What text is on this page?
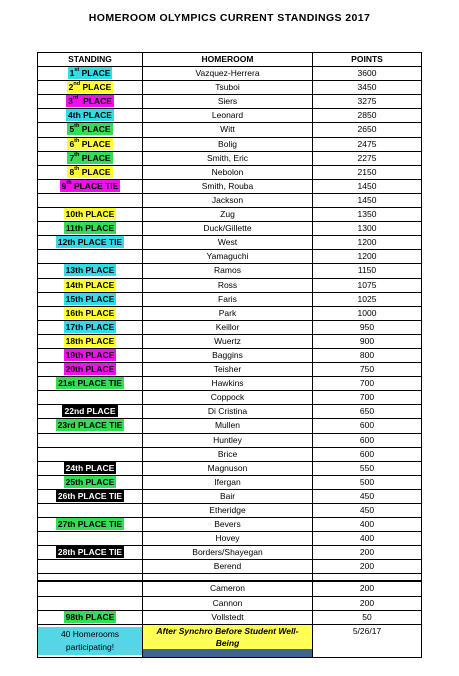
HOMEROOM OLYMPICS CURRENT STANDINGS 2017
STANDING	HOMEROOM	POINTS
1st PLACE	Vazquez-Herrera	3600
2nd PLACE	Tsuboi	3450
3rd  PLACE	Siers	3275
4th PLACE	Leonard	2850
5th PLACE	Witt	2650
6th PLACE	Bolig	2475
7th PLACE	Smith, Eric	2275
8th PLACE	Nebolon	2150
9th PLACE TIE	Smith, Rouba	1450
	Jackson	1450
10th PLACE	Zug	1350
11th PLACE	Duck/Gillette	1300
12th PLACE TIE	West	1200
	Yamaguchi	1200
13th PLACE	Ramos	1150
14th PLACE	Ross	1075
15th PLACE	Faris	1025
16th PLACE	Park	1000
17th PLACE	Keillor	950
18th PLACE	Wuertz	900
19th PLACE	Baggins	800
20th PLACE	Teisher	750
21st PLACE TIE	Hawkins	700
	Coppock	700
22nd PLACE	Di Cristina	650
23rd PLACE TIE	Mullen	600
	Huntley	600
	Brice	600
24th PLACE	Magnuson	550
25th PLACE	Ifergan	500
26th PLACE TIE	Bair	450
	Etheridge	450
27th PLACE TIE	Bevers	400
	Hovey	400
28th PLACE TIE	Borders/Shayegan	200
	Berend	200

	Cameron	200
	Cannon	200
98th PLACE	Vollstedt	50
40 Homerooms participating!	After Synchro Before Student Well-Being	5/26/17
